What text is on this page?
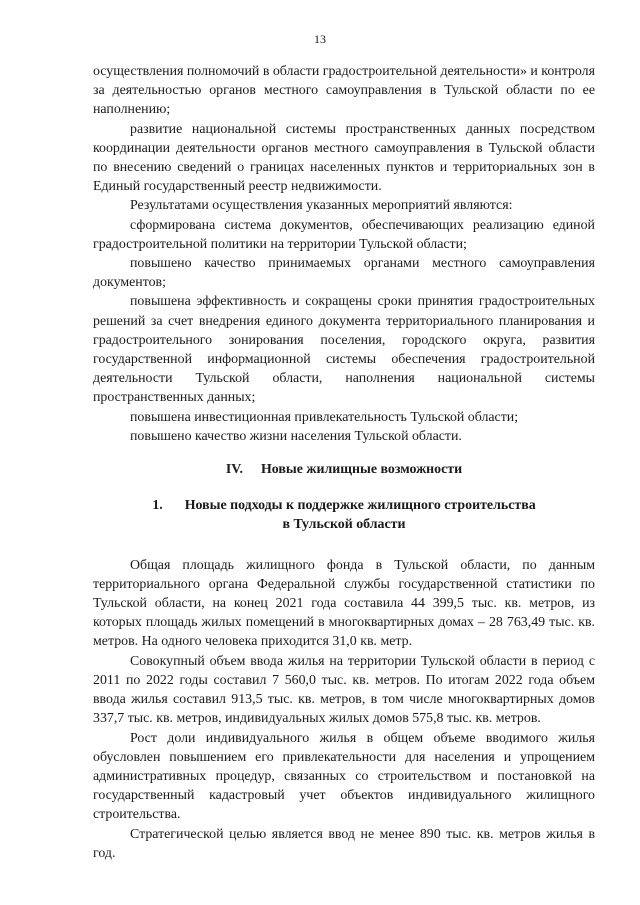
13

осуществления полномочий в области градостроительной деятельности» и контроля за деятельностью органов местного самоуправления в Тульской области по ее наполнению;

развитие национальной системы пространственных данных посредством координации деятельности органов местного самоуправления в Тульской области по внесению сведений о границах населенных пунктов и территориальных зон в Единый государственный реестр недвижимости.

Результатами осуществления указанных мероприятий являются:

сформирована система документов, обеспечивающих реализацию единой градостроительной политики на территории Тульской области;

повышено качество принимаемых органами местного самоуправления документов;

повышена эффективность и сокращены сроки принятия градостроительных решений за счет внедрения единого документа территориального планирования и градостроительного зонирования поселения, городского округа, развития государственной информационной системы обеспечения градостроительной деятельности Тульской области, наполнения национальной системы пространственных данных;

повышена инвестиционная привлекательность Тульской области;

повышено качество жизни населения Тульской области.

IV. Новые жилищные возможности

1. Новые подходы к поддержке жилищного строительства
в Тульской области

Общая площадь жилищного фонда в Тульской области, по данным территориального органа Федеральной службы государственной статистики по Тульской области, на конец 2021 года составила 44 399,5 тыс. кв. метров, из которых площадь жилых помещений в многоквартирных домах – 28 763,49 тыс. кв. метров. На одного человека приходится 31,0 кв. метр.

Совокупный объем ввода жилья на территории Тульской области в период с 2011 по 2022 годы составил 7 560,0 тыс. кв. метров. По итогам 2022 года объем ввода жилья составил 913,5 тыс. кв. метров, в том числе многоквартирных домов 337,7 тыс. кв. метров, индивидуальных жилых домов 575,8 тыс. кв. метров.

Рост доли индивидуального жилья в общем объеме вводимого жилья обусловлен повышением его привлекательности для населения и упрощением административных процедур, связанных со строительством и постановкой на государственный кадастровый учет объектов индивидуального жилищного строительства.

Стратегической целью является ввод не менее 890 тыс. кв. метров жилья в год.
